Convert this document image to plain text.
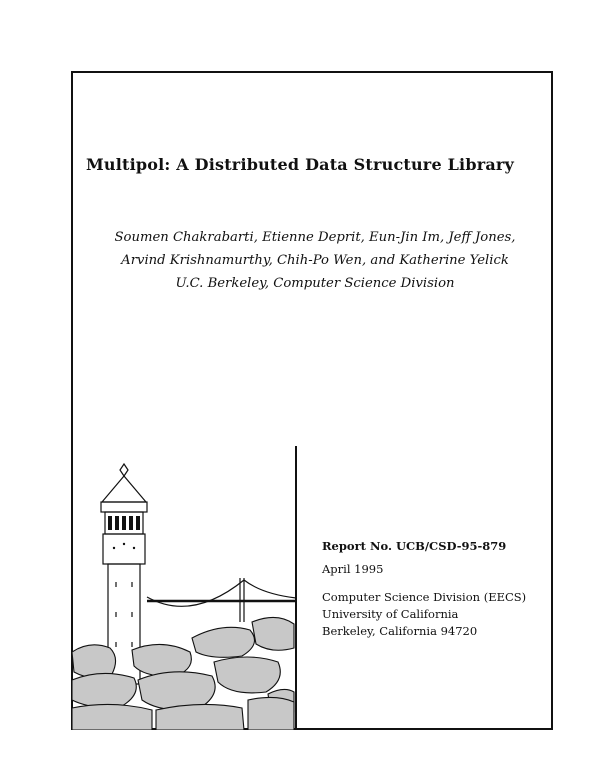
Multipol: A Distributed Data Structure Library
Soumen Chakrabarti, Etienne Deprit, Eun-Jin Im, Jeff Jones,
Arvind Krishnamurthy, Chih-Po Wen, and Katherine Yelick
U.C. Berkeley, Computer Science Division
Report No. UCB/CSD-95-879
April 1995
Computer Science Division (EECS)
University of California
Berkeley, California 94720
